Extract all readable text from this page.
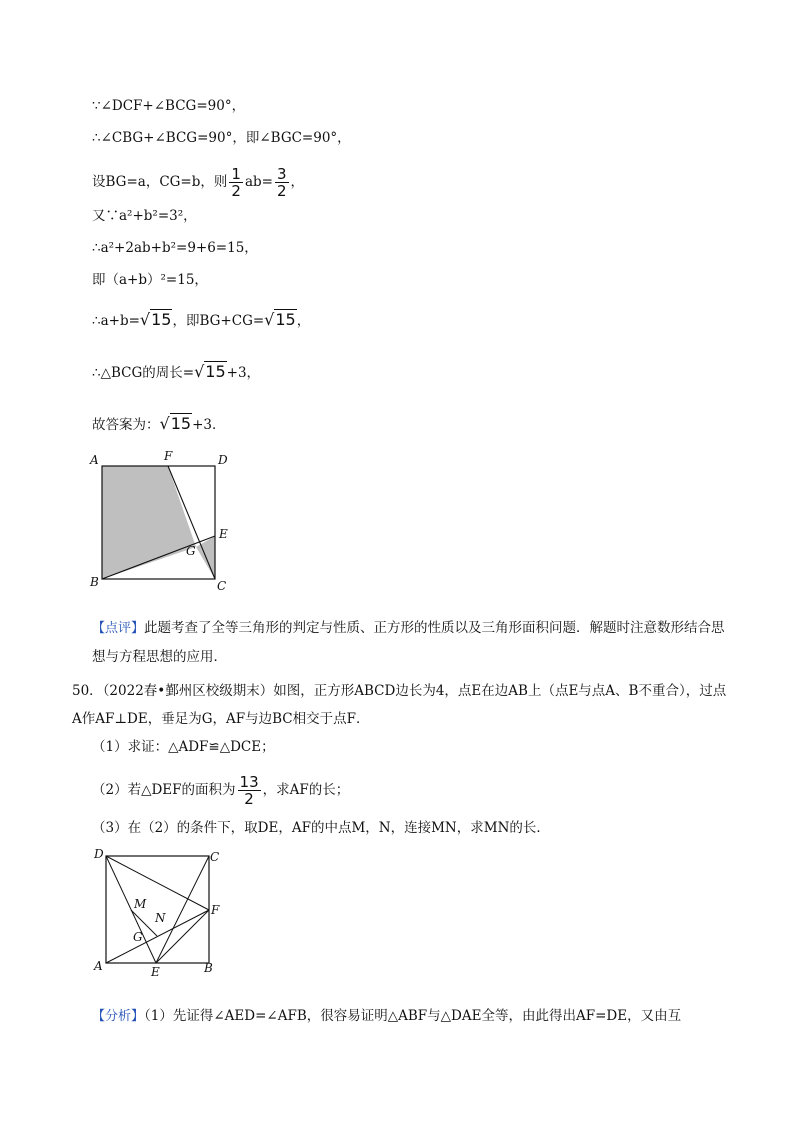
∵∠DCF+∠BCG=90°，
∴∠CBG+∠BCG=90°，即∠BGC=90°，
设BG=a，CG=b，则 $\frac{1}{2} ab= \frac{3}{2}$ ，
又∵a²+b²=3²，
∴a²+2ab+b²=9+6=15，
即（a+b）²=15，
∴a+b=√15，即BG+CG=√15，
∴△BCG的周长=√15+3，
故答案为：√15+3．
A	F	D
E
G
B	C
【点评】此题考查了全等三角形的判定与性质、正方形的性质以及三角形面积问题．解题时注意数形结合思想与方程思想的应用．
50．（2022春•鄞州区校级期末）如图，正方形ABCD边长为4，点E在边AB上（点E与点A、B不重合），过点A作AF⊥DE，垂足为G，AF与边BC相交于点F．
（1）求证：△ADF≌△DCE；
（2）若△DEF的面积为 $\frac{13}{2}$ ，求AF的长；
（3）在（2）的条件下，取DE，AF的中点M，N，连接MN，求MN的长．
D	C
M
N
F
G
A	E	B
【分析】（1）先证得∠AED=∠AFB，很容易证明△ABF与△DAE全等，由此得出AF=DE，又由互
